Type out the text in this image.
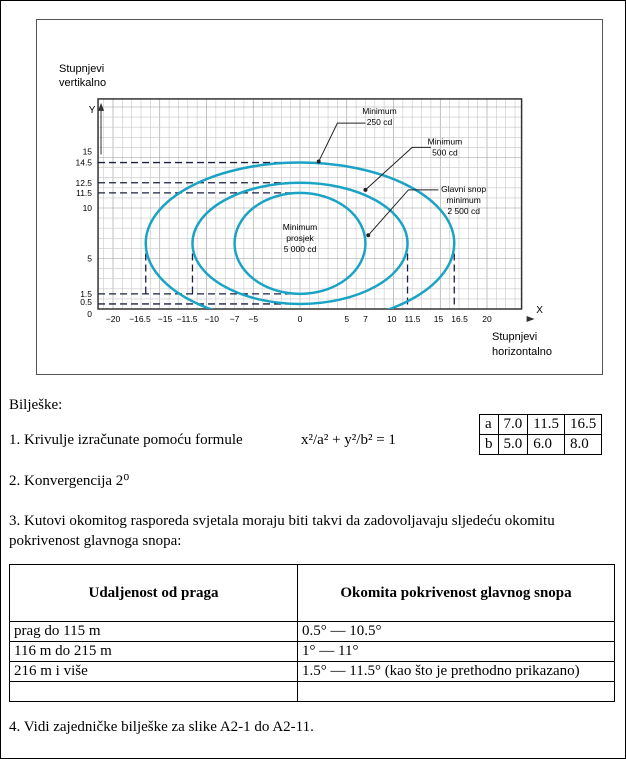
Y
X
−20 −16.5 −15 −11.5 −10 −7 −5	0	5 7 10 11.5 15 16.5 20
0
0.5
1.5
5
10
11.5
12.5
14.5
15
Minimum
250 cd
Minimum
500 cd
Glavni snop
minimum
2 500 cd
Minimum
prosjek
5 000 cd
Stupnjevi
vertikalno
Stupnjevi
horizontalno

Bilješke:

1. Krivulje izračunate pomoću formule	x²/a² + y²/b² = 1

a	7.0	11.5	16.5
b	5.0	6.0	8.0

2. Konvergencija 2⁰

3. Kutovi okomitog rasporeda svjetala moraju biti takvi da zadovoljavaju sljedeću okomitu pokrivenost glavnoga snopa:

Udaljenost od praga	Okomita pokrivenost glavnog snopa
prag do 115 m	0.5° — 10.5°
116 m do 215 m	1° — 11°
216 m i više	1.5° — 11.5° (kao što je prethodno prikazano)

4. Vidi zajedničke bilješke za slike A2-1 do A2-11.
